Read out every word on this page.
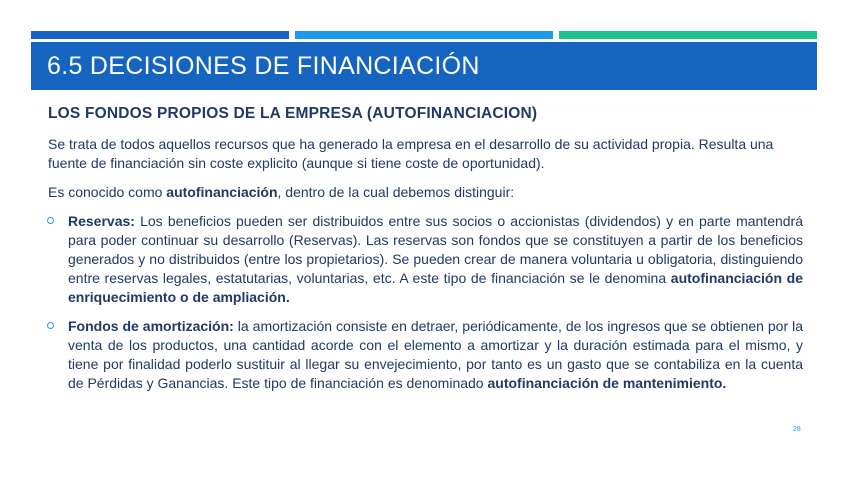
6.5 DECISIONES DE FINANCIACIÓN
LOS FONDOS PROPIOS DE LA EMPRESA (AUTOFINANCIACION)

Se trata de todos aquellos recursos que ha generado la empresa en el desarrollo de su actividad propia. Resulta una fuente de financiación sin coste explicito (aunque si tiene coste de oportunidad).

Es conocido como autofinanciación, dentro de la cual debemos distinguir:

Reservas: Los beneficios pueden ser distribuidos entre sus socios o accionistas (dividendos) y en parte mantendrá para poder continuar su desarrollo (Reservas). Las reservas son fondos que se constituyen a partir de los beneficios generados y no distribuidos (entre los propietarios). Se pueden crear de manera voluntaria u obligatoria, distinguiendo entre reservas legales, estatutarias, voluntarias, etc. A este tipo de financiación se le denomina autofinanciación de enriquecimiento o de ampliación.
Fondos de amortización: la amortización consiste en detraer, periódicamente, de los ingresos que se obtienen por la venta de los productos, una cantidad acorde con el elemento a amortizar y la duración estimada para el mismo, y tiene por finalidad poderlo sustituir al llegar su envejecimiento, por tanto es un gasto que se contabiliza en la cuenta de Pérdidas y Ganancias. Este tipo de financiación es denominado autofinanciación de mantenimiento.
28
